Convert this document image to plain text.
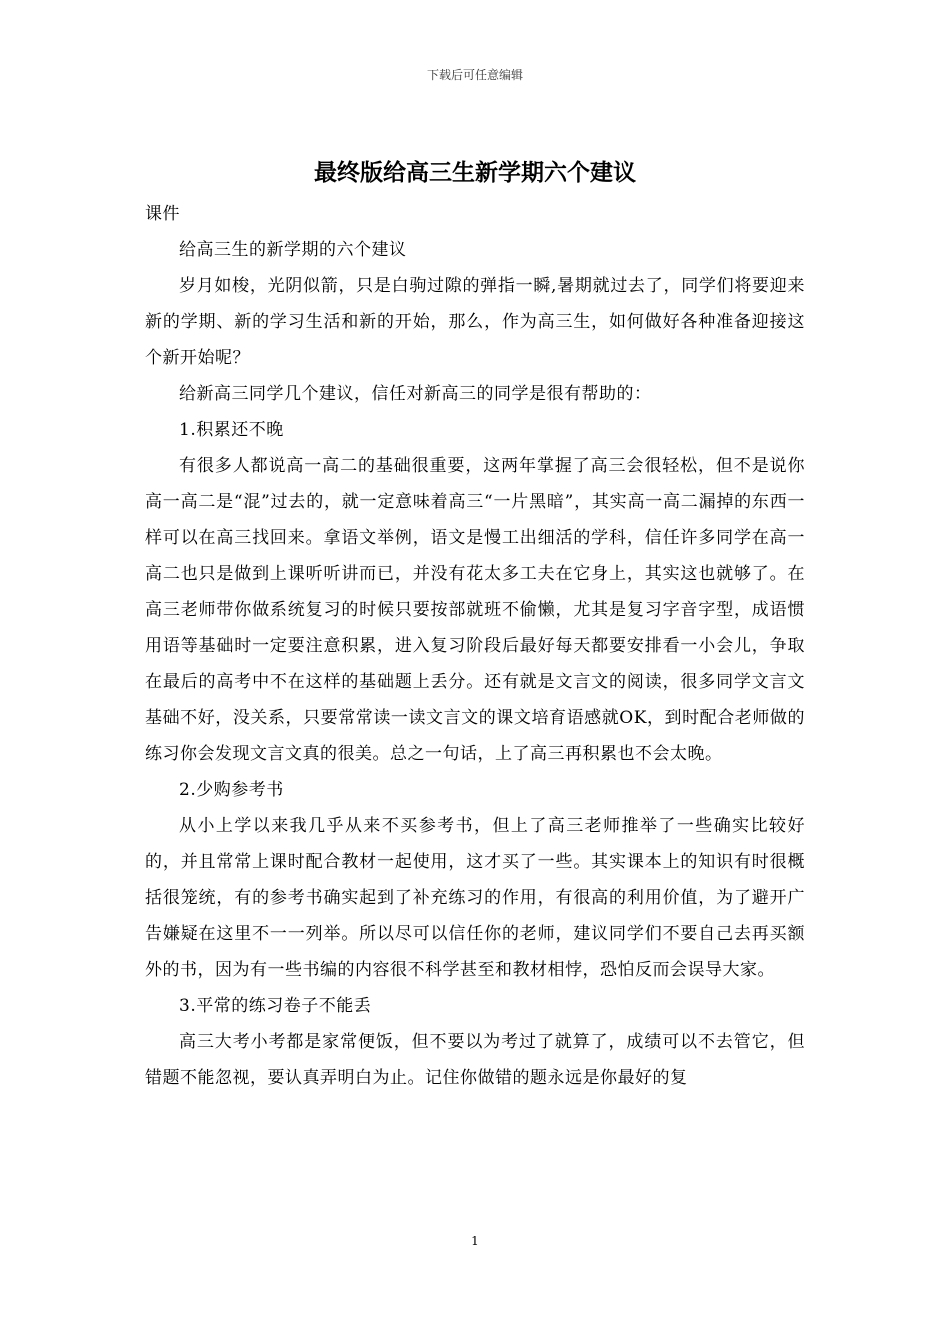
下载后可任意编辑
最终版给高三生新学期六个建议

课件

给高三生的新学期的六个建议

岁月如梭，光阴似箭，只是白驹过隙的弹指一瞬,暑期就过去了，同学们将要迎来新的学期、新的学习生活和新的开始，那么，作为高三生，如何做好各种准备迎接这个新开始呢？

给新高三同学几个建议，信任对新高三的同学是很有帮助的：

1.积累还不晚

有很多人都说高一高二的基础很重要，这两年掌握了高三会很轻松，但不是说你高一高二是“混”过去的，就一定意味着高三“一片黑暗”，其实高一高二漏掉的东西一样可以在高三找回来。拿语文举例，语文是慢工出细活的学科，信任许多同学在高一高二也只是做到上课听听讲而已，并没有花太多工夫在它身上，其实这也就够了。在高三老师带你做系统复习的时候只要按部就班不偷懒，尤其是复习字音字型，成语惯用语等基础时一定要注意积累，进入复习阶段后最好每天都要安排看一小会儿，争取在最后的高考中不在这样的基础题上丢分。还有就是文言文的阅读，很多同学文言文基础不好，没关系，只要常常读一读文言文的课文培育语感就OK，到时配合老师做的练习你会发现文言文真的很美。总之一句话，上了高三再积累也不会太晚。

2.少购参考书

从小上学以来我几乎从来不买参考书，但上了高三老师推举了一些确实比较好的，并且常常上课时配合教材一起使用，这才买了一些。其实课本上的知识有时很概括很笼统，有的参考书确实起到了补充练习的作用，有很高的利用价值，为了避开广告嫌疑在这里不一一列举。所以尽可以信任你的老师，建议同学们不要自己去再买额外的书，因为有一些书编的内容很不科学甚至和教材相悖，恐怕反而会误导大家。

3.平常的练习卷子不能丢

高三大考小考都是家常便饭，但不要以为考过了就算了，成绩可以不去管它，但错题不能忽视，要认真弄明白为止。记住你做错的题永远是你最好的复

1
